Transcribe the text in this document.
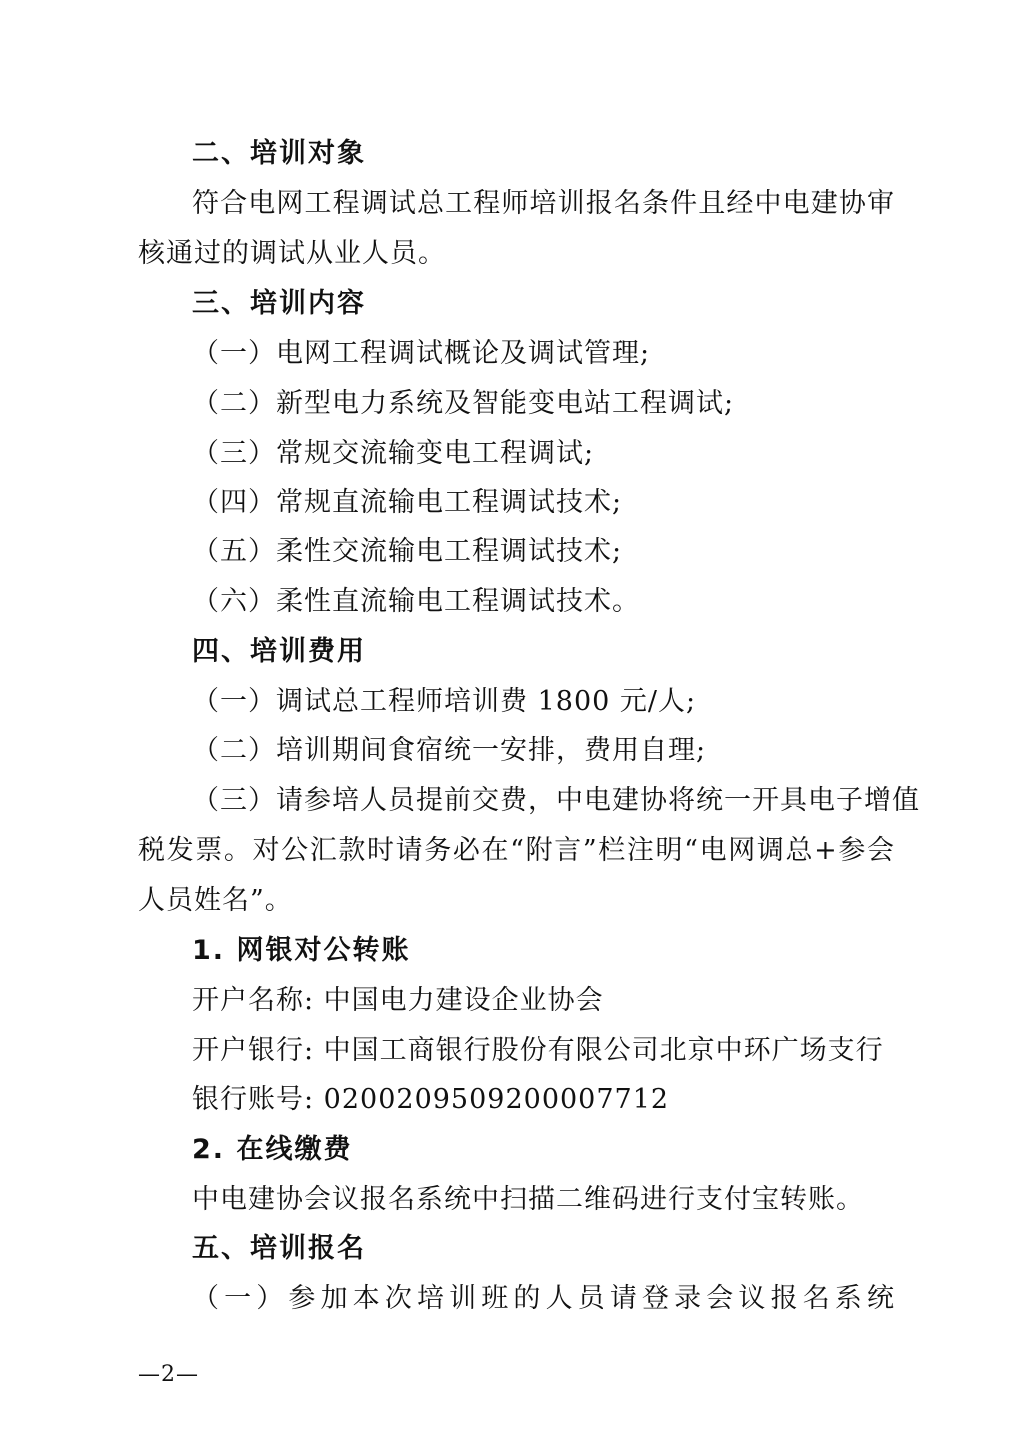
二、培训对象
符合电网工程调试总工程师培训报名条件且经中电建协审
核通过的调试从业人员。
三、培训内容
（一）电网工程调试概论及调试管理;
（二）新型电力系统及智能变电站工程调试;
（三）常规交流输变电工程调试;
（四）常规直流输电工程调试技术;
（五）柔性交流输电工程调试技术;
（六）柔性直流输电工程调试技术。
四、培训费用
（一）调试总工程师培训费 1800 元/人;
（二）培训期间食宿统一安排，费用自理;
（三）请参培人员提前交费，中电建协将统一开具电子增值
税发票。对公汇款时请务必在“附言”栏注明“电网调总+参会
人员姓名”。
1. 网银对公转账
开户名称: 中国电力建设企业协会
开户银行: 中国工商银行股份有限公司北京中环广场支行
银行账号: 0200209509200007712
2. 在线缴费
中电建协会议报名系统中扫描二维码进行支付宝转账。
五、培训报名
（一）参加本次培训班的人员请登录会议报名系统
—2—
